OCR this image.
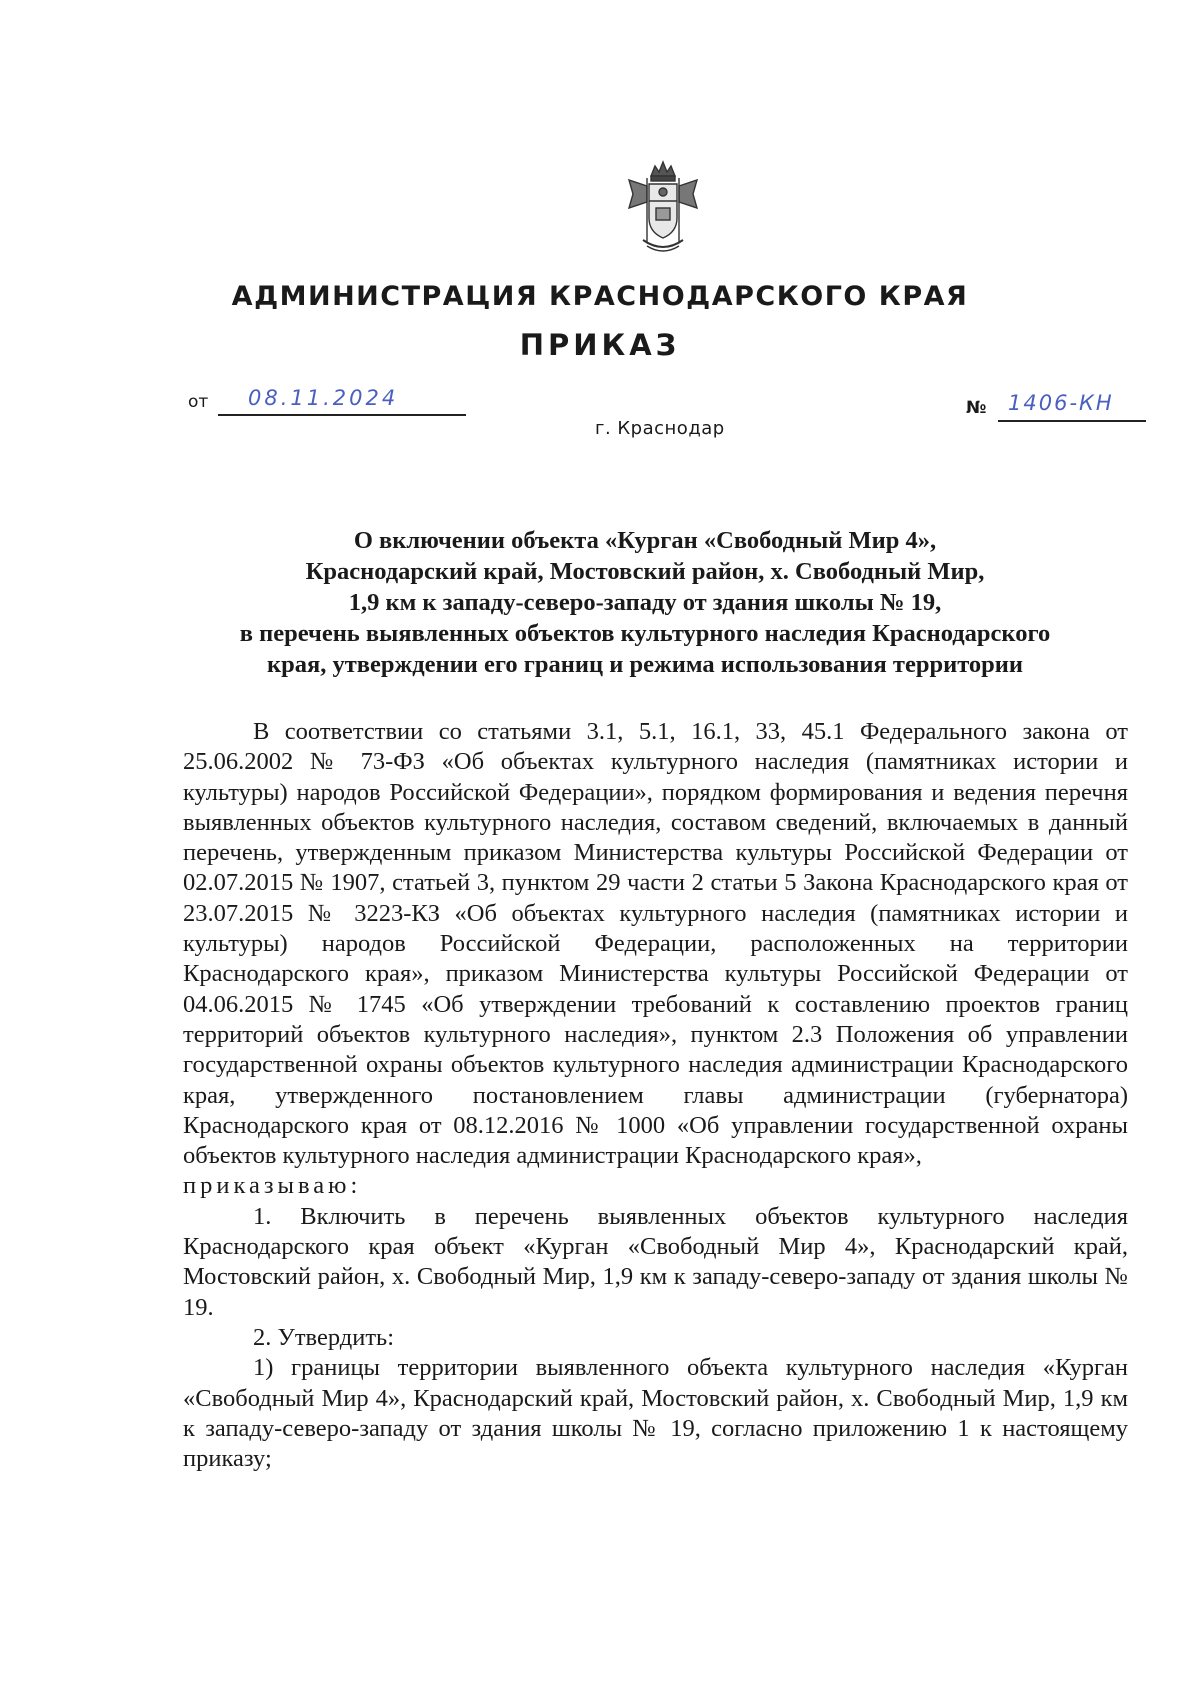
АДМИНИСТРАЦИЯ КРАСНОДАРСКОГО КРАЯ
ПРИКАЗ
от 08.11.2024
г. Краснодар
№ 1406-КН
О включении объекта «Курган «Свободный Мир 4»,
Краснодарский край, Мостовский район, х. Свободный Мир,
1,9 км к западу-северо-западу от здания школы № 19,
в перечень выявленных объектов культурного наследия Краснодарского
края, утверждении его границ и режима использования территории

В соответствии со статьями 3.1, 5.1, 16.1, 33, 45.1 Федерального закона от 25.06.2002 № 73-ФЗ «Об объектах культурного наследия (памятниках истории и культуры) народов Российской Федерации», порядком формирования и ведения перечня выявленных объектов культурного наследия, составом сведений, включаемых в данный перечень, утвержденным приказом Министерства культуры Российской Федерации от 02.07.2015 № 1907, статьей 3, пунктом 29 части 2 статьи 5 Закона Краснодарского края от 23.07.2015 № 3223-КЗ «Об объектах культурного наследия (памятниках истории и культуры) народов Российской Федерации, расположенных на территории Краснодарского края», приказом Министерства культуры Российской Федерации от 04.06.2015 № 1745 «Об утверждении требований к составлению проектов границ территорий объектов культурного наследия», пунктом 2.3 Положения об управлении государственной охраны объектов культурного наследия администрации Краснодарского края, утвержденного постановлением главы администрации (губернатора) Краснодарского края от 08.12.2016 № 1000 «Об управлении государственной охраны объектов культурного наследия администрации Краснодарского края»,
приказываю:

1. Включить в перечень выявленных объектов культурного наследия Краснодарского края объект «Курган «Свободный Мир 4», Краснодарский край, Мостовский район, х. Свободный Мир, 1,9 км к западу-северо-западу от здания школы № 19.

2. Утвердить:

1) границы территории выявленного объекта культурного наследия «Курган «Свободный Мир 4», Краснодарский край, Мостовский район, х. Свободный Мир, 1,9 км к западу-северо-западу от здания школы № 19, согласно приложению 1 к настоящему приказу;
